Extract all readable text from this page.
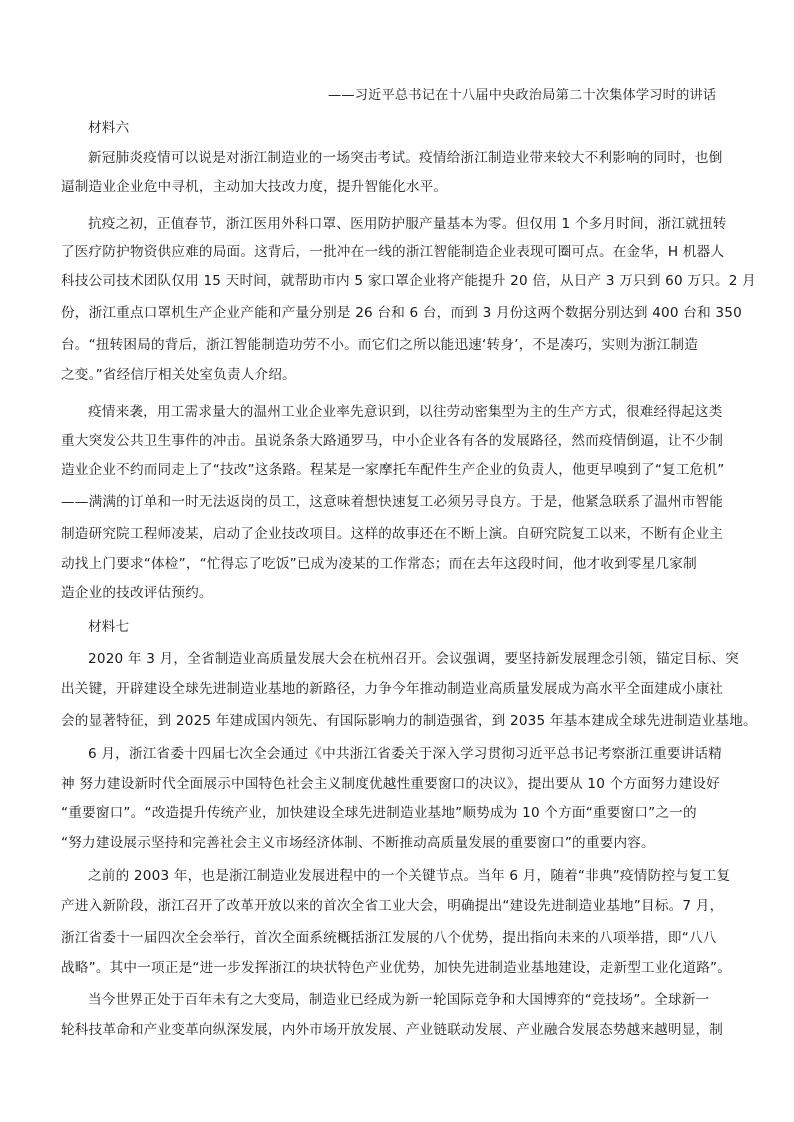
——习近平总书记在十八届中央政治局第二十次集体学习时的讲话
材料六
新冠肺炎疫情可以说是对浙江制造业的一场突击考试。疫情给浙江制造业带来较大不利影响的同时，也倒
逼制造业企业危中寻机，主动加大技改力度，提升智能化水平。
抗疫之初，正值春节，浙江医用外科口罩、医用防护服产量基本为零。但仅用 1 个多月时间，浙江就扭转
了医疗防护物资供应难的局面。这背后，一批冲在一线的浙江智能制造企业表现可圈可点。在金华，H 机器人
科技公司技术团队仅用 15 天时间，就帮助市内 5 家口罩企业将产能提升 20 倍，从日产 3 万只到 60 万只。2 月
份，浙江重点口罩机生产企业产能和产量分别是 26 台和 6 台，而到 3 月份这两个数据分别达到 400 台和 350
台。“扭转困局的背后，浙江智能制造功劳不小。而它们之所以能迅速‘转身’，不是凑巧，实则为浙江制造
之变。”省经信厅相关处室负责人介绍。
疫情来袭，用工需求量大的温州工业企业率先意识到，以往劳动密集型为主的生产方式，很难经得起这类
重大突发公共卫生事件的冲击。虽说条条大路通罗马，中小企业各有各的发展路径，然而疫情倒逼，让不少制
造业企业不约而同走上了“技改”这条路。程某是一家摩托车配件生产企业的负责人，他更早嗅到了“复工危机”
——满满的订单和一时无法返岗的员工，这意味着想快速复工必须另寻良方。于是，他紧急联系了温州市智能
制造研究院工程师凌某，启动了企业技改项目。这样的故事还在不断上演。自研究院复工以来，不断有企业主
动找上门要求“体检”，“忙得忘了吃饭”已成为凌某的工作常态；而在去年这段时间，他才收到零星几家制
造企业的技改评估预约。
材料七
2020 年 3 月，全省制造业高质量发展大会在杭州召开。会议强调，要坚持新发展理念引领，锚定目标、突
出关键，开辟建设全球先进制造业基地的新路径，力争今年推动制造业高质量发展成为高水平全面建成小康社
会的显著特征，到 2025 年建成国内领先、有国际影响力的制造强省，到 2035 年基本建成全球先进制造业基地。
6 月，浙江省委十四届七次全会通过《中共浙江省委关于深入学习贯彻习近平总书记考察浙江重要讲话精
神 努力建设新时代全面展示中国特色社会主义制度优越性重要窗口的决议》，提出要从 10 个方面努力建设好
“重要窗口”。“改造提升传统产业，加快建设全球先进制造业基地”顺势成为 10 个方面“重要窗口”之一的
“努力建设展示坚持和完善社会主义市场经济体制、不断推动高质量发展的重要窗口”的重要内容。
之前的 2003 年，也是浙江制造业发展进程中的一个关键节点。当年 6 月，随着“非典”疫情防控与复工复
产进入新阶段，浙江召开了改革开放以来的首次全省工业大会，明确提出“建设先进制造业基地”目标。7 月，
浙江省委十一届四次全会举行，首次全面系统概括浙江发展的八个优势，提出指向未来的八项举措，即“八八
战略”。其中一项正是“进一步发挥浙江的块状特色产业优势，加快先进制造业基地建设，走新型工业化道路”。
当今世界正处于百年未有之大变局，制造业已经成为新一轮国际竞争和大国博弈的“竞技场”。全球新一
轮科技革命和产业变革向纵深发展，内外市场开放发展、产业链联动发展、产业融合发展态势越来越明显，制
